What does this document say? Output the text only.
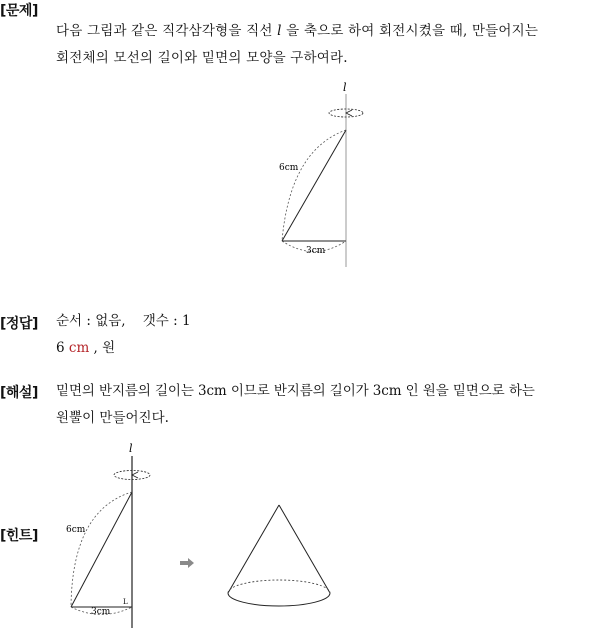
[문제]
다음 그림과 같은 직각삼각형을 직선 l 을 축으로 하여 회전시켰을 때, 만들어지는
회전체의 모선의 길이와 밑면의 모양을 구하여라.
l
6cm
3cm
[정답] 순서 : 없음,    갯수 : 1
6 cm , 원
[해설] 밑면의 반지름의 길이는 3cm 이므로 반지름의 길이가 3cm 인 원을 밑면으로 하는
원뿔이 만들어진다.
[힌트]
l
6cm
3cm
L
